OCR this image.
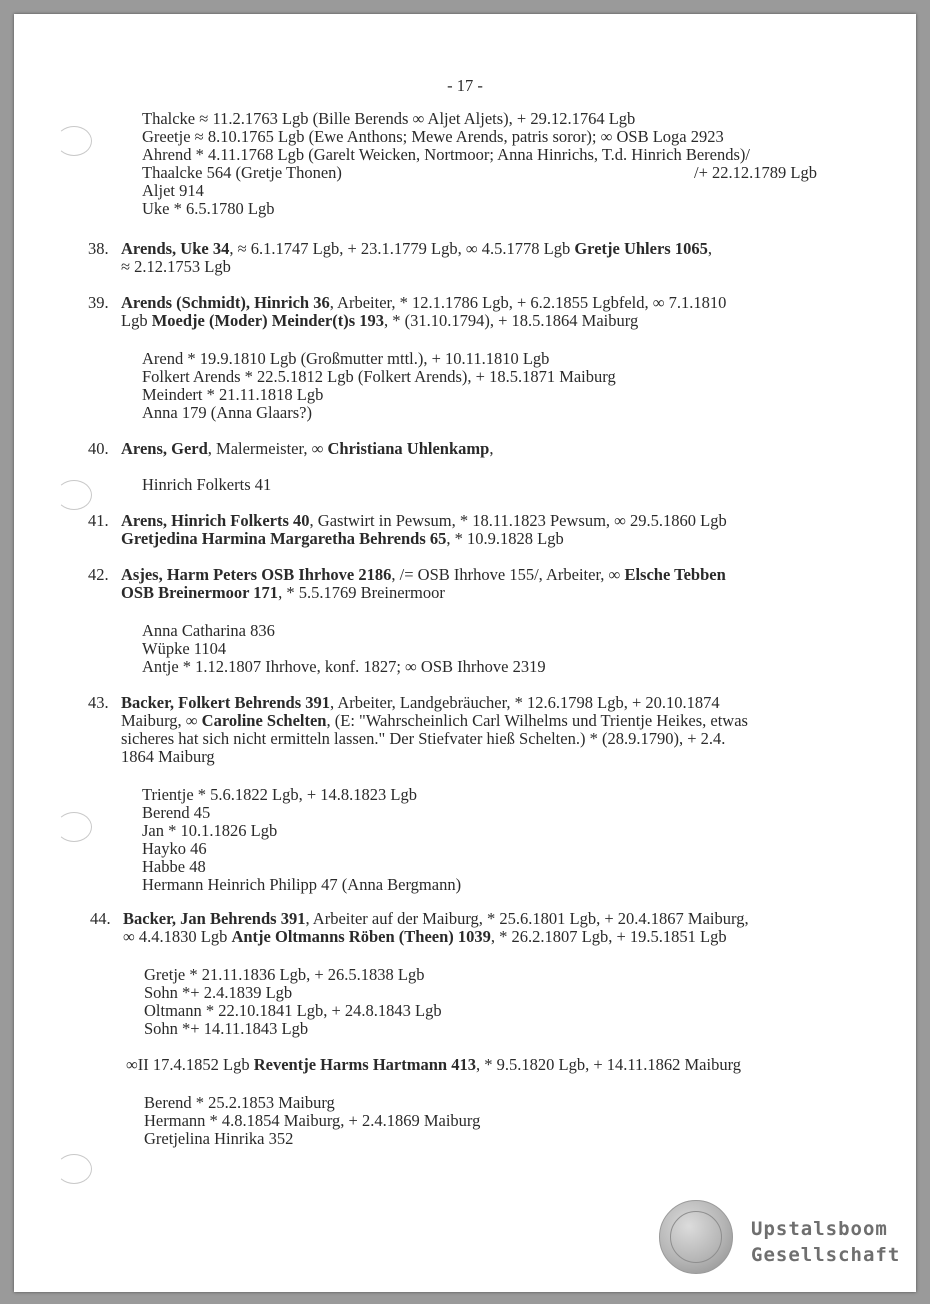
- 17 -
Thalcke ≈ 11.2.1763 Lgb (Bille Berends ∞ Aljet Aljets), + 29.12.1764 Lgb
Greetje ≈ 8.10.1765 Lgb (Ewe Anthons; Mewe Arends, patris soror); ∞ OSB Loga 2923
Ahrend * 4.11.1768 Lgb (Garelt Weicken, Nortmoor; Anna Hinrichs, T.d. Hinrich Berends)/
Thaalcke 564 (Gretje Thonen)
Aljet 914
Uke * 6.5.1780 Lgb
/+ 22.12.1789 Lgb
38. Arends, Uke 34, ≈ 6.1.1747 Lgb, + 23.1.1779 Lgb, ∞ 4.5.1778 Lgb Gretje Uhlers 1065,
≈ 2.12.1753 Lgb
39. Arends (Schmidt), Hinrich 36, Arbeiter, * 12.1.1786 Lgb, + 6.2.1855 Lgbfeld, ∞ 7.1.1810
Lgb Moedje (Moder) Meinder(t)s 193, * (31.10.1794), + 18.5.1864 Maiburg
Arend * 19.9.1810 Lgb (Großmutter mttl.), + 10.11.1810 Lgb
Folkert Arends * 22.5.1812 Lgb (Folkert Arends), + 18.5.1871 Maiburg
Meindert * 21.11.1818 Lgb
Anna 179 (Anna Glaars?)
40. Arens, Gerd, Malermeister, ∞ Christiana Uhlenkamp,
Hinrich Folkerts 41
41. Arens, Hinrich Folkerts 40, Gastwirt in Pewsum, * 18.11.1823 Pewsum, ∞ 29.5.1860 Lgb
Gretjedina Harmina Margaretha Behrends 65, * 10.9.1828 Lgb
42. Asjes, Harm Peters OSB Ihrhove 2186, /= OSB Ihrhove 155/, Arbeiter, ∞ Elsche Tebben
OSB Breinermoor 171, * 5.5.1769 Breinermoor
Anna Catharina 836
Wüpke 1104
Antje * 1.12.1807 Ihrhove, konf. 1827; ∞ OSB Ihrhove 2319
43. Backer, Folkert Behrends 391, Arbeiter, Landgebräucher, * 12.6.1798 Lgb, + 20.10.1874
Maiburg, ∞ Caroline Schelten, (E: "Wahrscheinlich Carl Wilhelms und Trientje Heikes, etwas
sicheres hat sich nicht ermitteln lassen." Der Stiefvater hieß Schelten.) * (28.9.1790), + 2.4.
1864 Maiburg
Trientje * 5.6.1822 Lgb, + 14.8.1823 Lgb
Berend 45
Jan * 10.1.1826 Lgb
Hayko 46
Habbe 48
Hermann Heinrich Philipp 47 (Anna Bergmann)
44. Backer, Jan Behrends 391, Arbeiter auf der Maiburg, * 25.6.1801 Lgb, + 20.4.1867 Maiburg,
∞ 4.4.1830 Lgb Antje Oltmanns Röben (Theen) 1039, * 26.2.1807 Lgb, + 19.5.1851 Lgb
Gretje * 21.11.1836 Lgb, + 26.5.1838 Lgb
Sohn *+ 2.4.1839 Lgb
Oltmann * 22.10.1841 Lgb, + 24.8.1843 Lgb
Sohn *+ 14.11.1843 Lgb
∞II 17.4.1852 Lgb Reventje Harms Hartmann 413, * 9.5.1820 Lgb, + 14.11.1862 Maiburg
Berend * 25.2.1853 Maiburg
Hermann * 4.8.1854 Maiburg, + 2.4.1869 Maiburg
Gretjelina Hinrika 352
Upstalsboom
Gesellschaft
